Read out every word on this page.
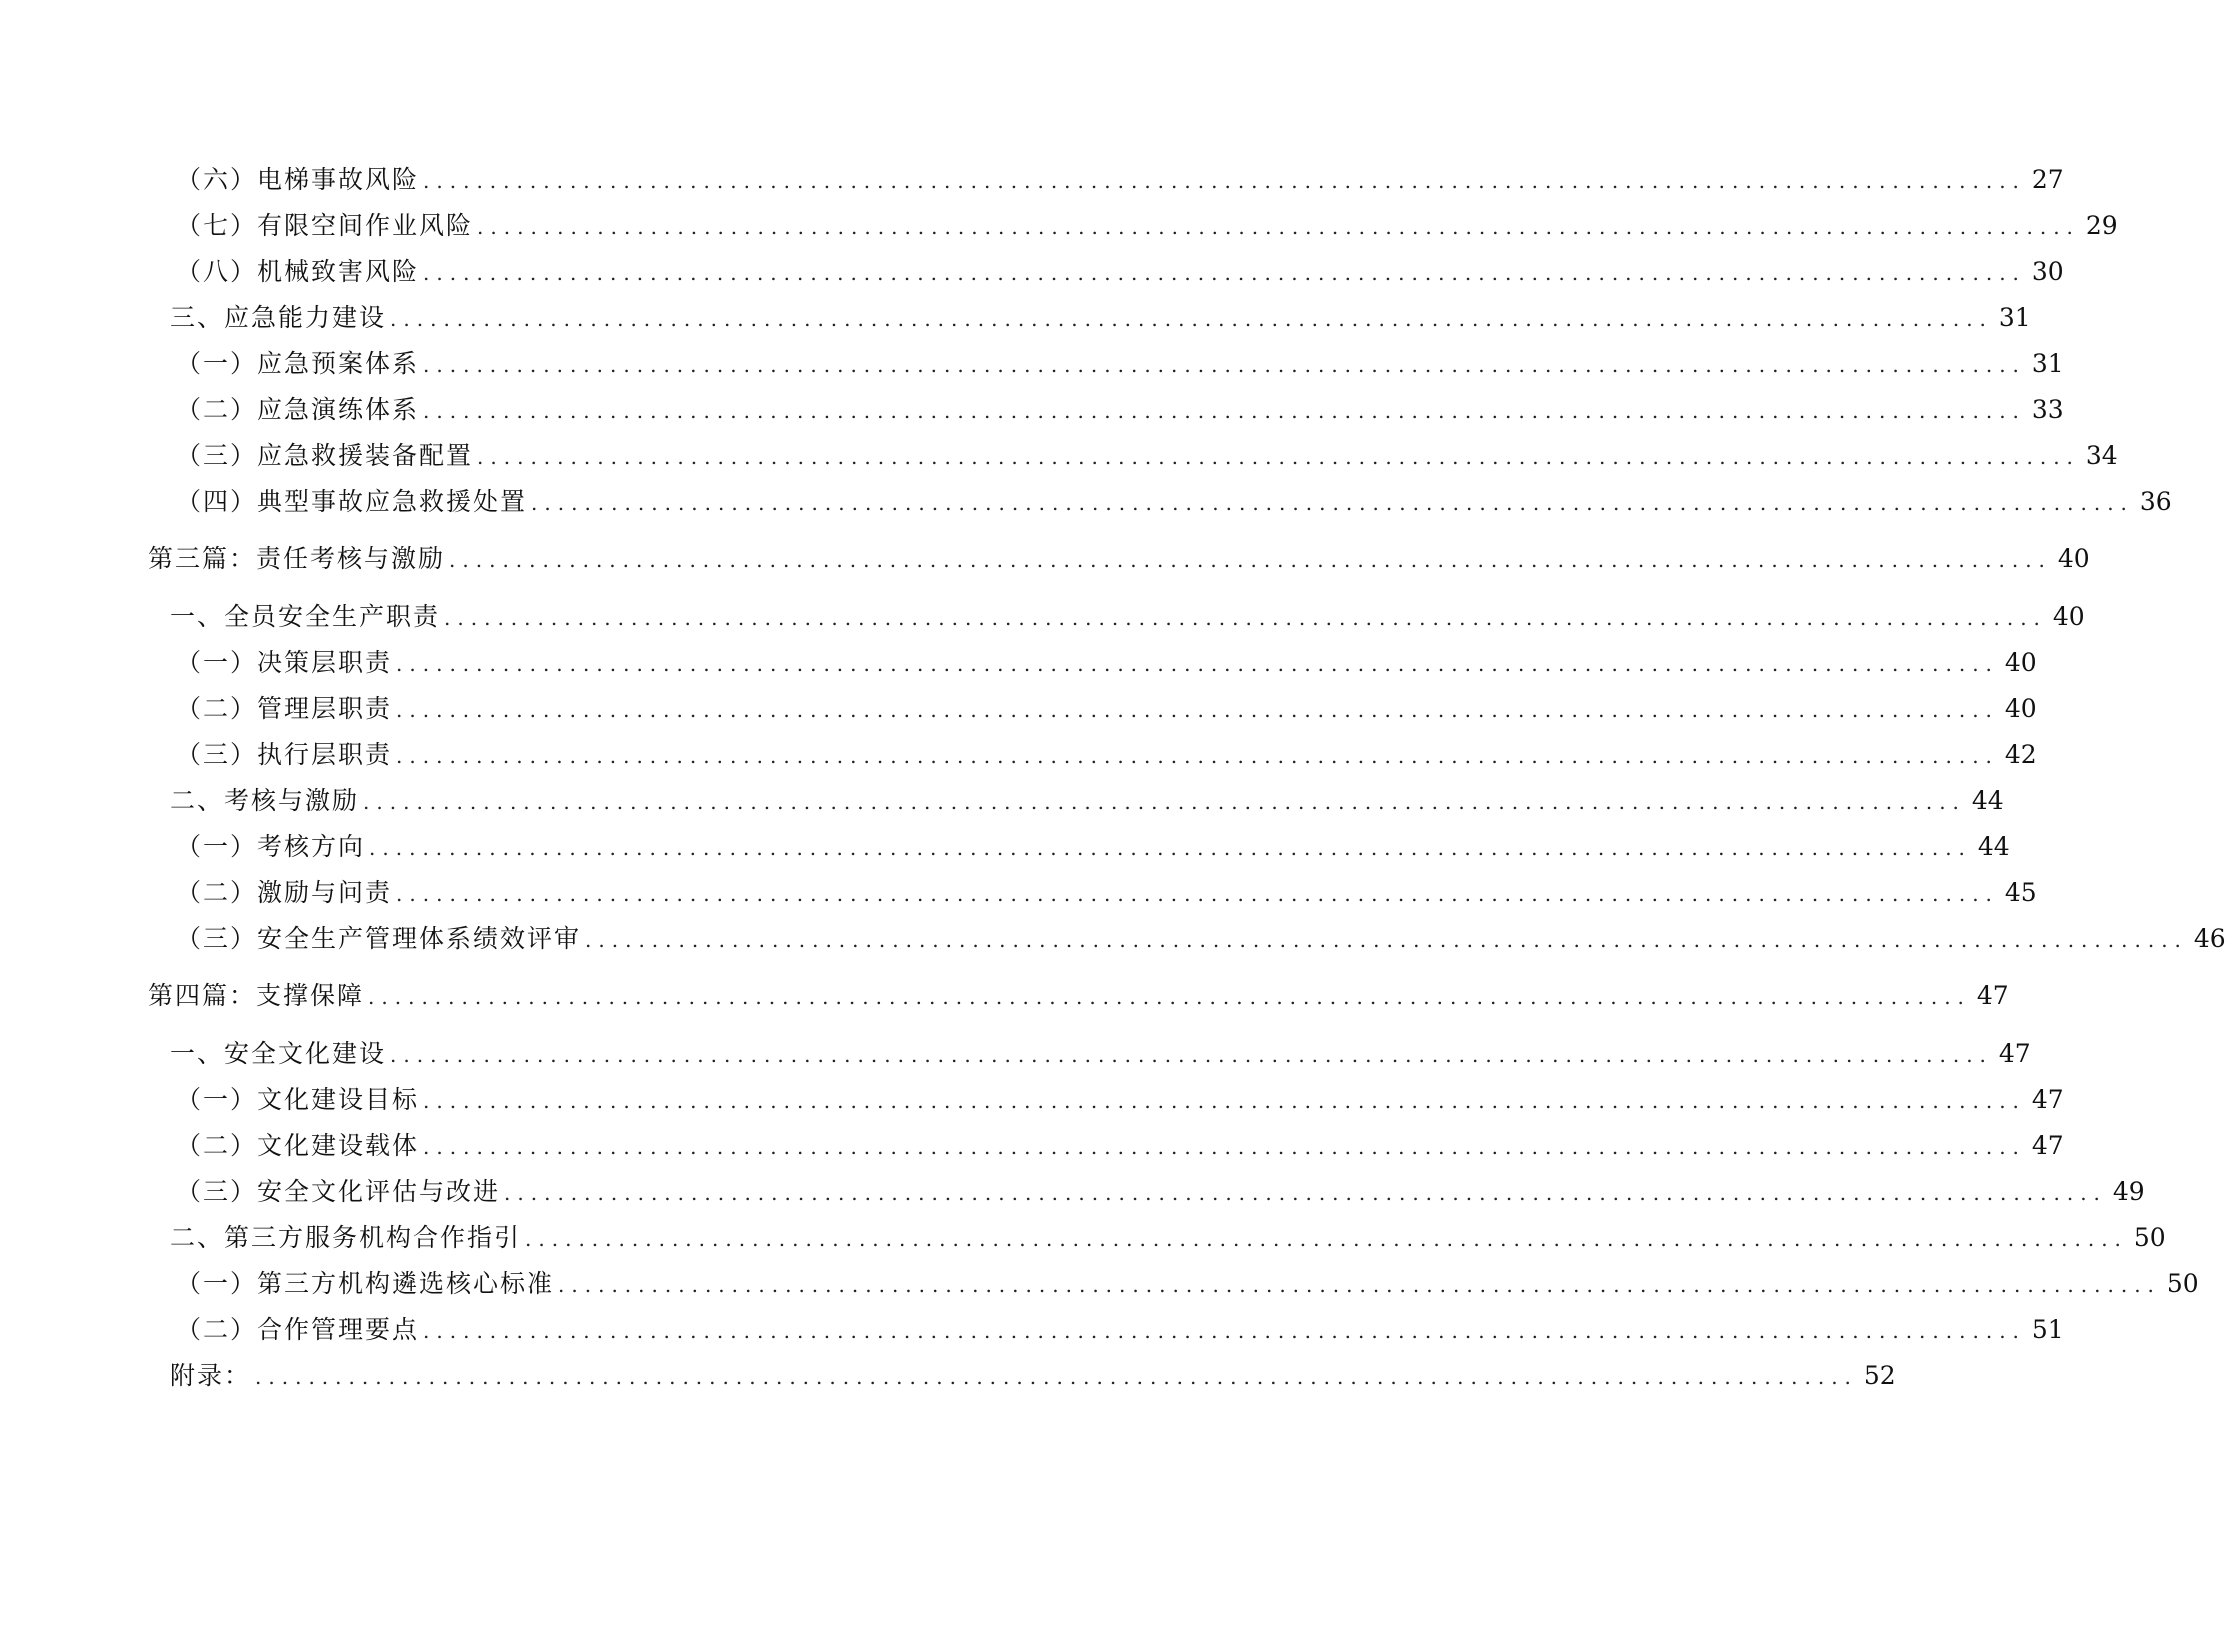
（六）电梯事故风险 ........................................................................................................................ 27
（七）有限空间作业风险 ........................................................................................................................ 29
（八）机械致害风险 ........................................................................................................................ 30
三、应急能力建设 ........................................................................................................................ 31
（一）应急预案体系 ........................................................................................................................ 31
（二）应急演练体系 ........................................................................................................................ 33
（三）应急救援装备配置 ........................................................................................................................ 34
（四）典型事故应急救援处置 ........................................................................................................................ 36
第三篇：责任考核与激励 ........................................................................................................................ 40
一、全员安全生产职责 ........................................................................................................................ 40
（一）决策层职责 ........................................................................................................................ 40
（二）管理层职责 ........................................................................................................................ 40
（三）执行层职责 ........................................................................................................................ 42
二、考核与激励 ........................................................................................................................ 44
（一）考核方向 ........................................................................................................................ 44
（二）激励与问责 ........................................................................................................................ 45
（三）安全生产管理体系绩效评审 ........................................................................................................................ 46
第四篇：支撑保障 ........................................................................................................................ 47
一、安全文化建设 ........................................................................................................................ 47
（一）文化建设目标 ........................................................................................................................ 47
（二）文化建设载体 ........................................................................................................................ 47
（三）安全文化评估与改进 ........................................................................................................................ 49
二、第三方服务机构合作指引 ........................................................................................................................ 50
（一）第三方机构遴选核心标准 ........................................................................................................................ 50
（二）合作管理要点 ........................................................................................................................ 51
附录： ........................................................................................................................ 52
